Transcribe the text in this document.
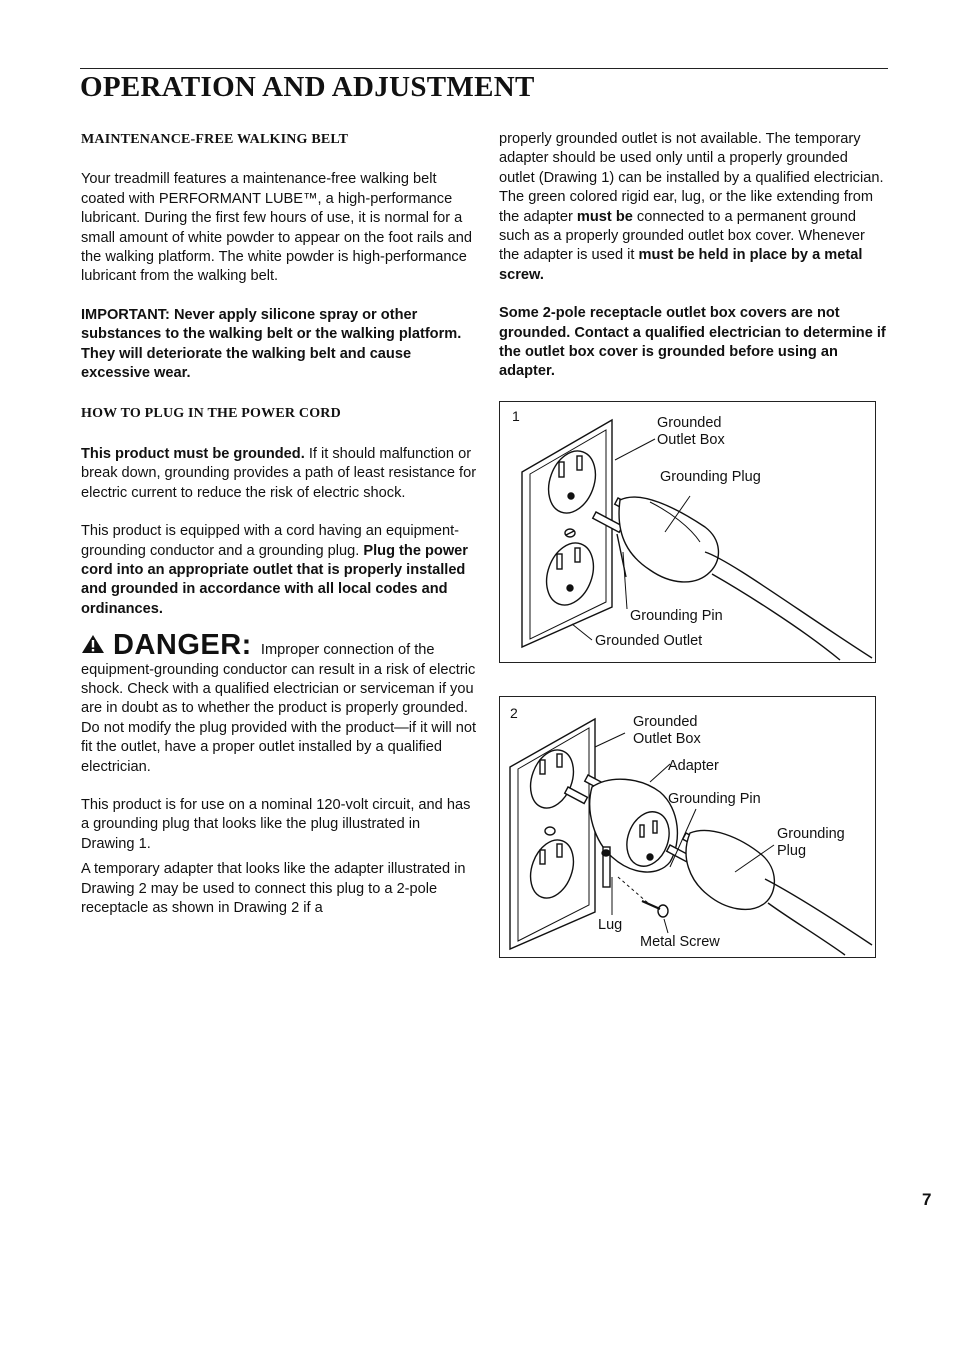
OPERATION AND ADJUSTMENT
MAINTENANCE-FREE WALKING BELT

Your treadmill features a maintenance-free walking belt coated with PERFORMANT LUBE™, a high-performance lubricant. During the first few hours of use, it is normal for a small amount of white powder to appear on the foot rails and the walking platform. The white powder is high-performance lubricant from the walking belt.

IMPORTANT: Never apply silicone spray or other substances to the walking belt or the walking platform. They will deteriorate the walking belt and cause excessive wear.

HOW TO PLUG IN THE POWER CORD

This product must be grounded. If it should malfunction or break down, grounding provides a path of least resistance for electric current to reduce the risk of electric shock.

This product is equipped with a cord having an equipment-grounding conductor and a grounding plug. Plug the power cord into an appropriate outlet that is properly installed and grounded in accordance with all local codes and ordinances.

DANGER: Improper connection of the equipment-grounding conductor can result in a risk of electric shock. Check with a qualified electrician or serviceman if you are in doubt as to whether the product is properly grounded. Do not modify the plug provided with the product—if it will not fit the outlet, have a proper outlet installed by a qualified electrician.

This product is for use on a nominal 120-volt circuit, and has a grounding plug that looks like the plug illustrated in Drawing 1.

A temporary adapter that looks like the adapter illustrated in Drawing 2 may be used to connect this plug to a 2-pole receptacle as shown in Drawing 2 if a

properly grounded outlet is not available. The temporary adapter should be used only until a properly grounded outlet (Drawing 1) can be installed by a qualified electrician. The green colored rigid ear, lug, or the like extending from the adapter must be connected to a permanent ground such as a properly grounded outlet box cover. Whenever the adapter is used it must be held in place by a metal screw.

Some 2-pole receptacle outlet box covers are not grounded. Contact a qualified electrician to determine if the outlet box cover is grounded before using an adapter.

1	Grounded
Outlet Box
Grounding Plug
Grounding Pin
Grounded Outlet
2
Grounded
Outlet Box
Adapter
Grounding Pin
Grounding
Plug
Lug
Metal Screw
7
